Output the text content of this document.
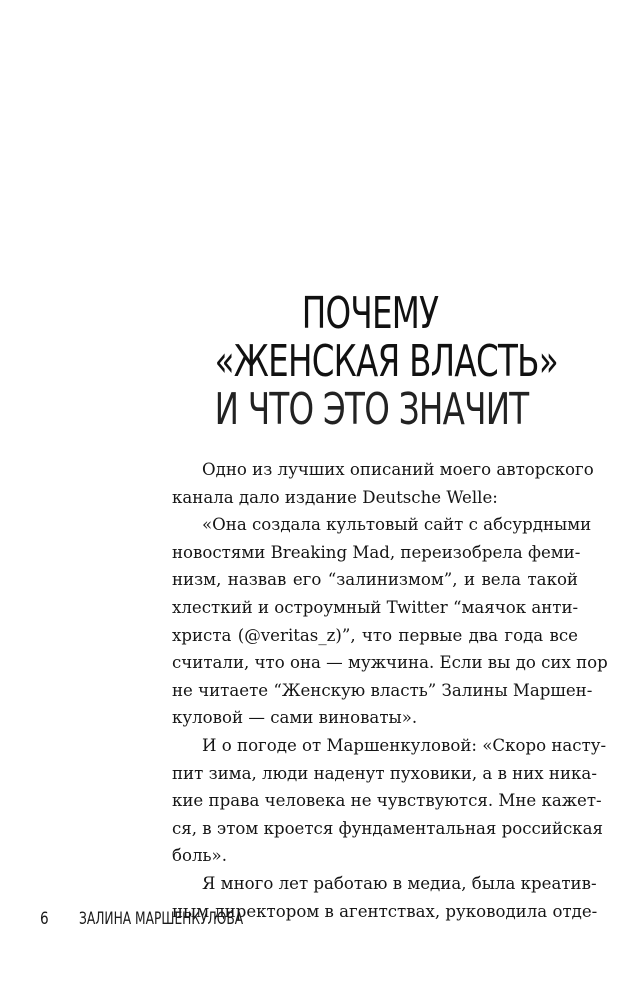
ПОЧЕМУ
«ЖЕНСКАЯ ВЛАСТЬ»
И ЧТО ЭТО ЗНАЧИТ
Одно из лучших описаний моего авторского
канала дало издание Deutsche Welle:
«Она создала культовый сайт с абсурдными
новостями Breaking Mad, переизобрела феми-
низм, назвав его “залинизмом”, и вела такой
хлесткий и остроумный Twitter “маячок анти-
христа (@veritas_z)”, что первые два года все
считали, что она — мужчина. Если вы до сих пор
не читаете “Женскую власть” Залины Маршен-
куловой — сами виноваты».
И о погоде от Маршенкуловой: «Скоро насту-
пит зима, люди наденут пуховики, а в них ника-
кие права человека не чувствуются. Мне кажет-
ся, в этом кроется фундаментальная российская
боль».
Я много лет работаю в медиа, была креатив-
ным директором в агентствах, руководила отде-
6 ЗАЛИНА МАРШЕНКУЛОВА
